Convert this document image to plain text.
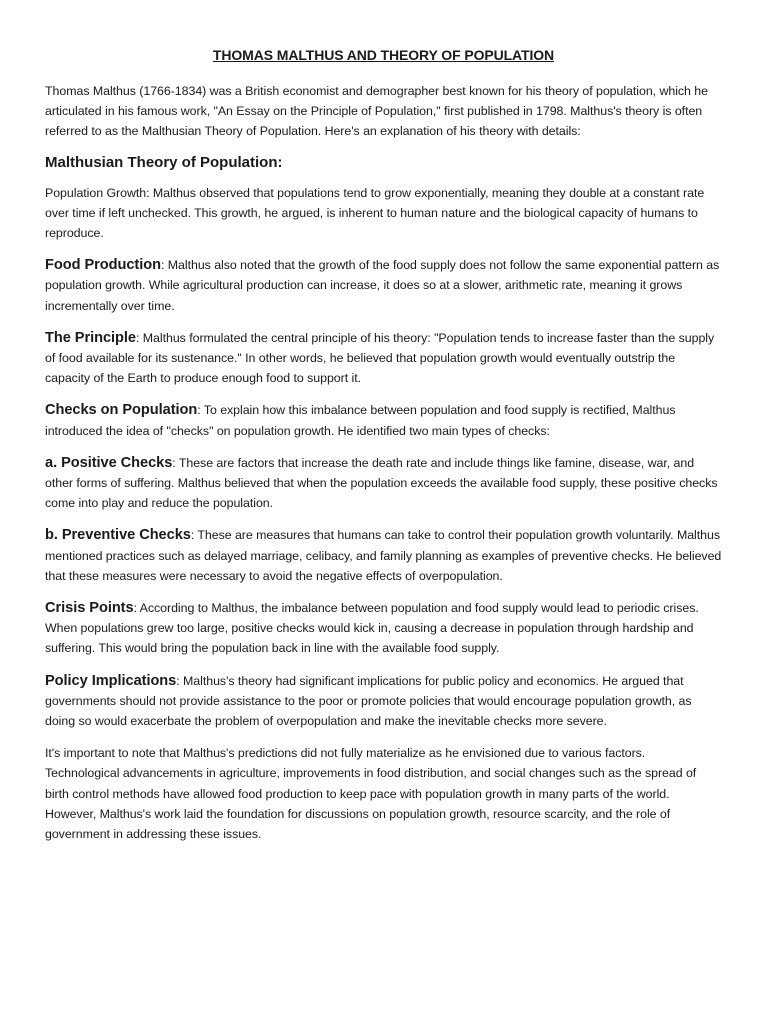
THOMAS MALTHUS AND THEORY OF POPULATION

Thomas Malthus (1766-1834) was a British economist and demographer best known for his theory of population, which he articulated in his famous work, "An Essay on the Principle of Population," first published in 1798. Malthus's theory is often referred to as the Malthusian Theory of Population. Here's an explanation of his theory with details:

Malthusian Theory of Population:

Population Growth: Malthus observed that populations tend to grow exponentially, meaning they double at a constant rate over time if left unchecked. This growth, he argued, is inherent to human nature and the biological capacity of humans to reproduce.

Food Production: Malthus also noted that the growth of the food supply does not follow the same exponential pattern as population growth. While agricultural production can increase, it does so at a slower, arithmetic rate, meaning it grows incrementally over time.

The Principle: Malthus formulated the central principle of his theory: "Population tends to increase faster than the supply of food available for its sustenance." In other words, he believed that population growth would eventually outstrip the capacity of the Earth to produce enough food to support it.

Checks on Population: To explain how this imbalance between population and food supply is rectified, Malthus introduced the idea of "checks" on population growth. He identified two main types of checks:

a. Positive Checks: These are factors that increase the death rate and include things like famine, disease, war, and other forms of suffering. Malthus believed that when the population exceeds the available food supply, these positive checks come into play and reduce the population.

b. Preventive Checks: These are measures that humans can take to control their population growth voluntarily. Malthus mentioned practices such as delayed marriage, celibacy, and family planning as examples of preventive checks. He believed that these measures were necessary to avoid the negative effects of overpopulation.

Crisis Points: According to Malthus, the imbalance between population and food supply would lead to periodic crises. When populations grew too large, positive checks would kick in, causing a decrease in population through hardship and suffering. This would bring the population back in line with the available food supply.

Policy Implications: Malthus's theory had significant implications for public policy and economics. He argued that governments should not provide assistance to the poor or promote policies that would encourage population growth, as doing so would exacerbate the problem of overpopulation and make the inevitable checks more severe.

It's important to note that Malthus's predictions did not fully materialize as he envisioned due to various factors. Technological advancements in agriculture, improvements in food distribution, and social changes such as the spread of birth control methods have allowed food production to keep pace with population growth in many parts of the world. However, Malthus's work laid the foundation for discussions on population growth, resource scarcity, and the role of government in addressing these issues.
